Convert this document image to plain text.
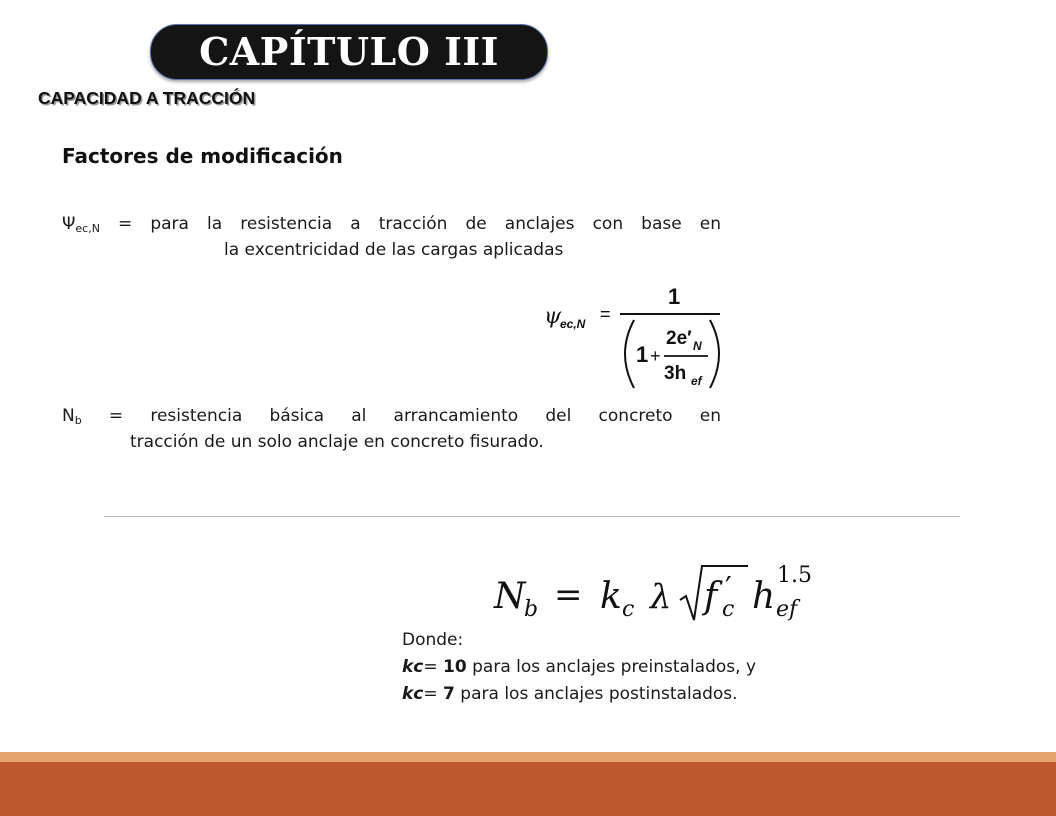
CAPÍTULO III
CAPACIDAD A TRACCIÓN
Factores de modificación
$\Psi_{ec,N}$ = para la resistencia a tracción de anclajes con base en
la excentricidad de las cargas aplicadas
ψ
ec,N =
1
1 +
2e′ N
3h ef
$N_b$ = resistencia básica al arrancamiento del concreto en
tracción de un solo anclaje en concreto fisurado.
N
b = k c λ f ′
c h
1.5
ef
Donde:
kc= 10 para los anclajes preinstalados, y
kc= 7 para los anclajes postinstalados.
